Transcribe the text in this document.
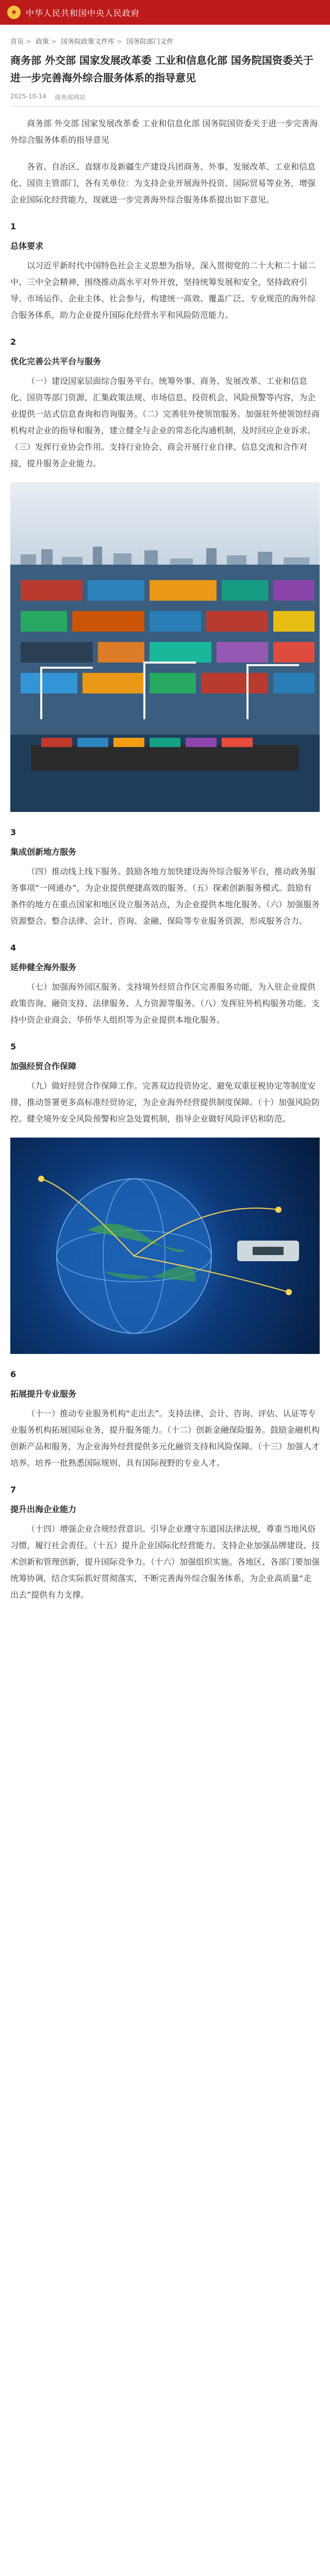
★	中华人民共和国中央人民政府
首页 > 政策 > 国务院政策文件库 > 国务院部门文件
商务部 外交部 国家发展改革委 工业和信息化部 国务院国资委关于进一步完善海外综合服务体系的指导意见
2025-10-14 商务部网站

商务部 外交部 国家发展改革委 工业和信息化部 国务院国资委关于进一步完善海外综合服务体系的指导意见

各省、自治区、直辖市及新疆生产建设兵团商务、外事、发展改革、工业和信息化、国资主管部门，各有关单位：为支持企业开展海外投资、国际贸易等业务，增强企业国际化经营能力，现就进一步完善海外综合服务体系提出如下意见。

1
总体要求

以习近平新时代中国特色社会主义思想为指导，深入贯彻党的二十大和二十届二中、三中全会精神，围绕推动高水平对外开放，坚持统筹发展和安全，坚持政府引导、市场运作、企业主体、社会参与，构建统一高效、覆盖广泛、专业规范的海外综合服务体系，助力企业提升国际化经营水平和风险防范能力。

2
优化完善公共平台与服务

（一）建设国家层面综合服务平台。统筹外事、商务、发展改革、工业和信息化、国资等部门资源，汇集政策法规、市场信息、投资机会、风险预警等内容，为企业提供一站式信息查询和咨询服务。（二）完善驻外使领馆服务。加强驻外使领馆经商机构对企业的指导和服务，建立健全与企业的常态化沟通机制，及时回应企业诉求。（三）发挥行业协会作用。支持行业协会、商会开展行业自律、信息交流和合作对接，提升服务企业能力。

3
集成创新地方服务

（四）推动线上线下服务。鼓励各地方加快建设海外综合服务平台，推动政务服务事项“一网通办”，为企业提供便捷高效的服务。（五）探索创新服务模式。鼓励有条件的地方在重点国家和地区设立服务站点，为企业提供本地化服务。（六）加强服务资源整合。整合法律、会计、咨询、金融、保险等专业服务资源，形成服务合力。

4
延伸健全海外服务

（七）加强海外园区服务。支持境外经贸合作区完善服务功能，为入驻企业提供政策咨询、融资支持、法律服务、人力资源等服务。（八）发挥驻外机构服务功能。支持中资企业商会、华侨华人组织等为企业提供本地化服务。

5
加强经贸合作保障

（九）做好经贸合作保障工作。完善双边投资协定、避免双重征税协定等制度安排，推动签署更多高标准经贸协定，为企业海外经营提供制度保障。（十）加强风险防控。健全境外安全风险预警和应急处置机制，指导企业做好风险评估和防范。

6
拓展提升专业服务

（十一）推动专业服务机构“走出去”。支持法律、会计、咨询、评估、认证等专业服务机构拓展国际业务，提升服务能力。（十二）创新金融保险服务。鼓励金融机构创新产品和服务，为企业海外经营提供多元化融资支持和风险保障。（十三）加强人才培养。培养一批熟悉国际规则、具有国际视野的专业人才。

7
提升出海企业能力

（十四）增强企业合规经营意识。引导企业遵守东道国法律法规，尊重当地风俗习惯，履行社会责任。（十五）提升企业国际化经营能力。支持企业加强品牌建设、技术创新和管理创新，提升国际竞争力。（十六）加强组织实施。各地区、各部门要加强统筹协调，结合实际抓好贯彻落实，不断完善海外综合服务体系，为企业高质量“走出去”提供有力支撑。
